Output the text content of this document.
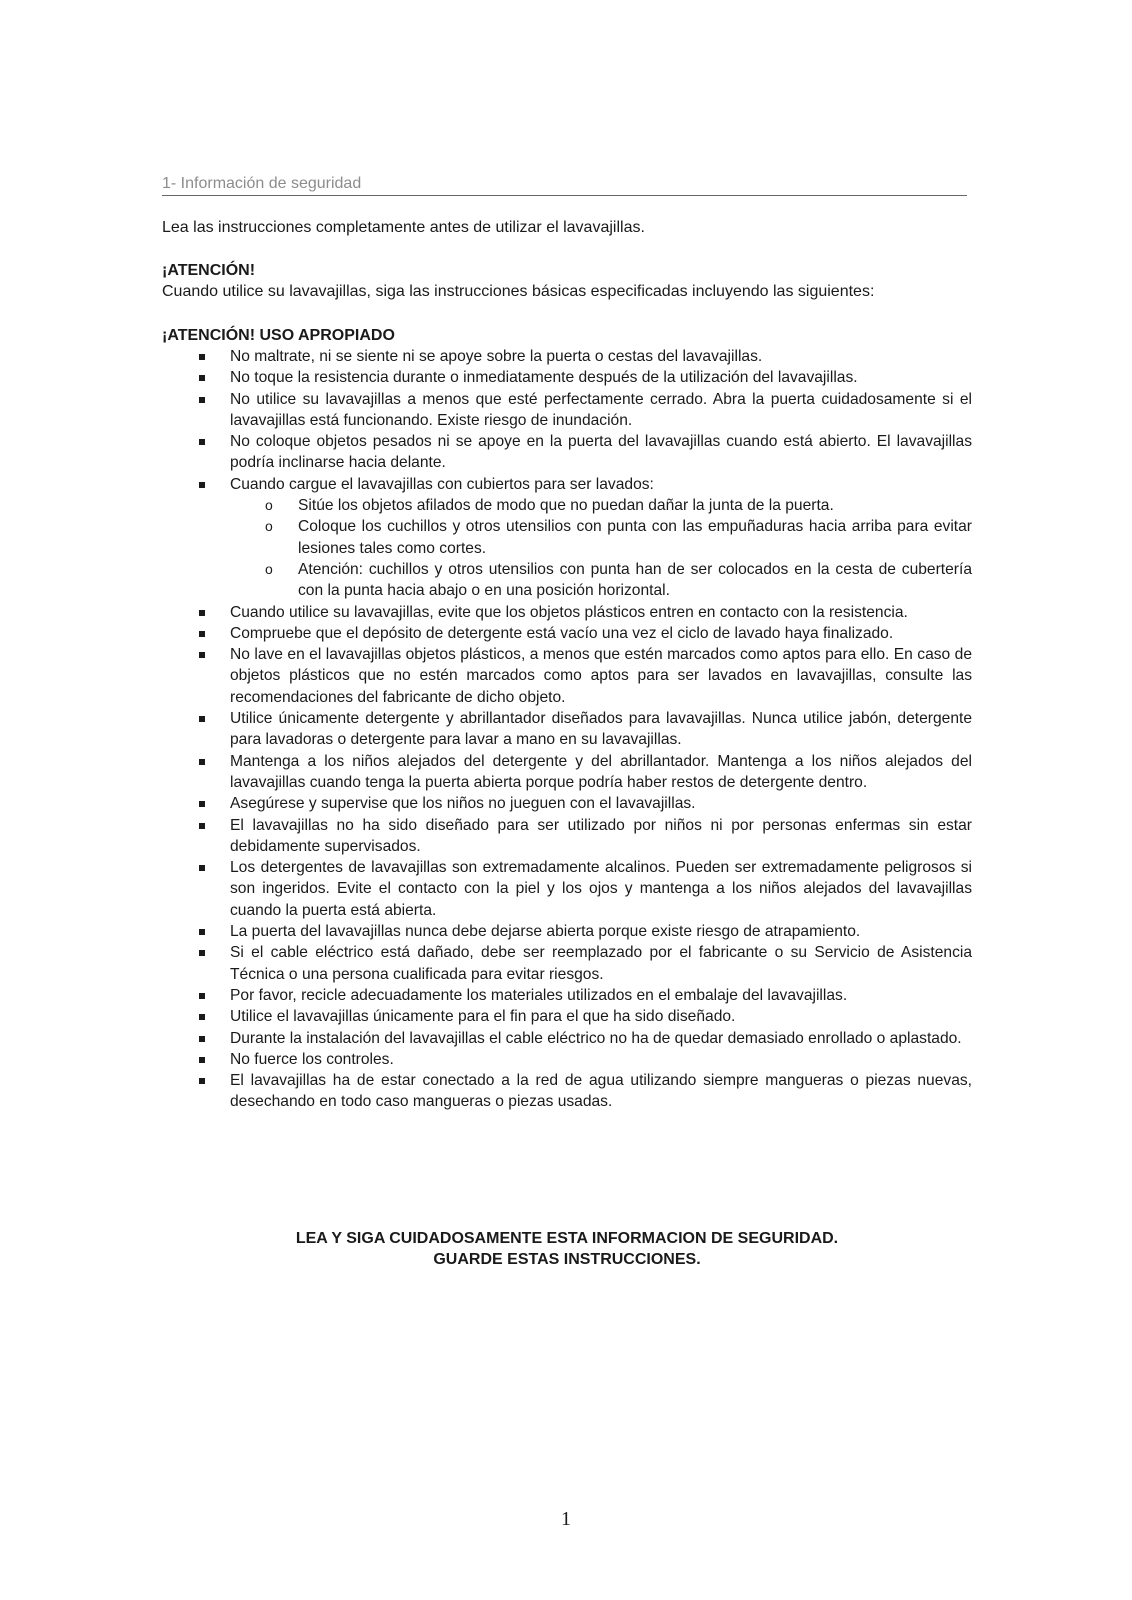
1- Información de seguridad
Lea las instrucciones completamente antes de utilizar el lavavajillas.
¡ATENCIÓN!
Cuando utilice su lavavajillas, siga las instrucciones básicas especificadas incluyendo las siguientes:
¡ATENCIÓN! USO APROPIADO
No maltrate, ni se siente ni se apoye sobre la puerta o cestas del lavavajillas.
No toque la resistencia durante o inmediatamente después de la utilización del lavavajillas.
No utilice su lavavajillas a menos que esté perfectamente cerrado. Abra la puerta cuidadosamente si el lavavajillas está funcionando. Existe riesgo de inundación.
No coloque objetos pesados ni se apoye en la puerta del lavavajillas cuando está abierto. El lavavajillas podría inclinarse hacia delante.
Cuando cargue el lavavajillas con cubiertos para ser lavados:
o Sitúe los objetos afilados de modo que no puedan dañar la junta de la puerta.
o Coloque los cuchillos y otros utensilios con punta con las empuñaduras hacia arriba para evitar lesiones tales como cortes.
o Atención: cuchillos y otros utensilios con punta han de ser colocados en la cesta de cubertería con la punta hacia abajo o en una posición horizontal.
Cuando utilice su lavavajillas, evite que los objetos plásticos entren en contacto con la resistencia.
Compruebe que el depósito de detergente está vacío una vez el ciclo de lavado haya finalizado.
No lave en el lavavajillas objetos plásticos, a menos que estén marcados como aptos para ello. En caso de objetos plásticos que no estén marcados como aptos para ser lavados en lavavajillas, consulte las recomendaciones del fabricante de dicho objeto.
Utilice únicamente detergente y abrillantador diseñados para lavavajillas. Nunca utilice jabón, detergente para lavadoras o detergente para lavar a mano en su lavavajillas.
Mantenga a los niños alejados del detergente y del abrillantador. Mantenga a los niños alejados del lavavajillas cuando tenga la puerta abierta porque podría haber restos de detergente dentro.
Asegúrese y supervise que los niños no jueguen con el lavavajillas.
El lavavajillas no ha sido diseñado para ser utilizado por niños ni por personas enfermas sin estar debidamente supervisados.
Los detergentes de lavavajillas son extremadamente alcalinos. Pueden ser extremadamente peligrosos si son ingeridos. Evite el contacto con la piel y los ojos y mantenga a los niños alejados del lavavajillas cuando la puerta está abierta.
La puerta del lavavajillas nunca debe dejarse abierta porque existe riesgo de atrapamiento.
Si el cable eléctrico está dañado, debe ser reemplazado por el fabricante o su Servicio de Asistencia Técnica o una persona cualificada para evitar riesgos.
Por favor, recicle adecuadamente los materiales utilizados en el embalaje del lavavajillas.
Utilice el lavavajillas únicamente para el fin para el que ha sido diseñado.
Durante la instalación del lavavajillas el cable eléctrico no ha de quedar demasiado enrollado o aplastado.
No fuerce los controles.
El lavavajillas ha de estar conectado a la red de agua utilizando siempre mangueras o piezas nuevas, desechando en todo caso mangueras o piezas usadas.
LEA Y SIGA CUIDADOSAMENTE ESTA INFORMACION DE SEGURIDAD.
GUARDE ESTAS INSTRUCCIONES.
1
